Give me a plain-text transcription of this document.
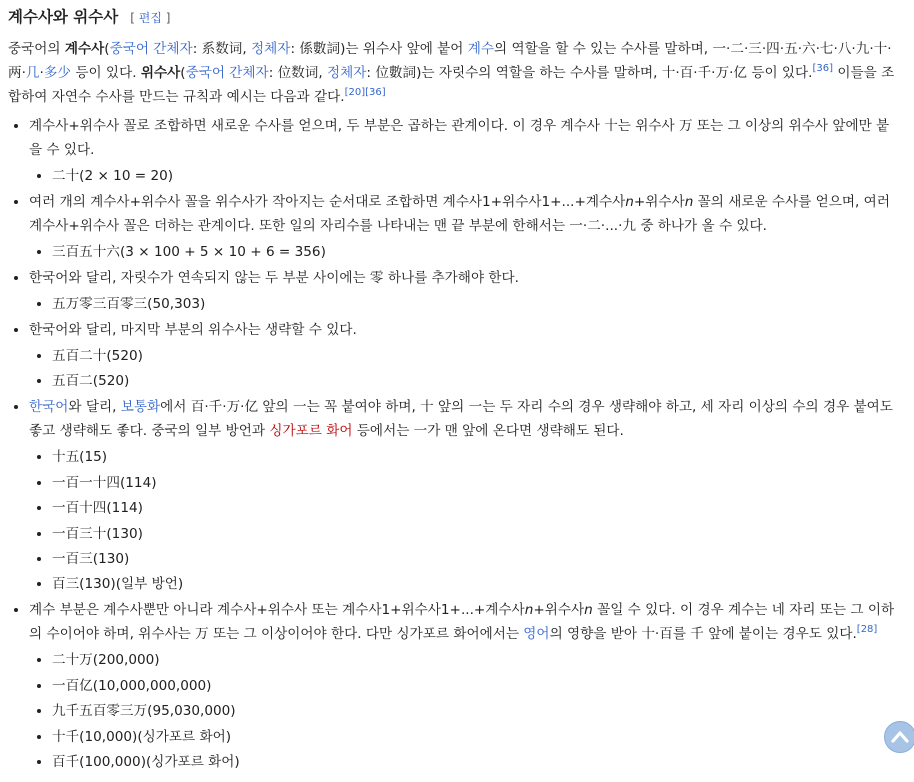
계수사와 위수사 [ 편집 ]

중국어의 계수사(중국어 간체자: 系数词, 정체자: 係數詞)는 위수사 앞에 붙어 계수의 역할을 할 수 있는 수사를 말하며, 一·二·三·四·五·六·七·八·九·十·两·几·多少 등이 있다. 위수사(중국어 간체자: 位数词, 정체자: 位數詞)는 자릿수의 역할을 하는 수사를 말하며, 十·百·千·万·亿 등이 있다.[36] 이들을 조합하여 자연수 수사를 만드는 규칙과 예시는 다음과 같다.[20][36]

• 계수사+위수사 꼴로 조합하면 새로운 수사를 얻으며, 두 부분은 곱하는 관계이다. 이 경우 계수사 十는 위수사 万 또는 그 이상의 위수사 앞에만 붙을 수 있다.
• 二十(2 × 10 = 20)
• 여러 개의 계수사+위수사 꼴을 위수사가 작아지는 순서대로 조합하면 계수사1+위수사1+...+계수사n+위수사n 꼴의 새로운 수사를 얻으며, 여러 계수사+위수사 꼴은 더하는 관계이다. 또한 일의 자리수를 나타내는 맨 끝 부분에 한해서는 一·二·...·九 중 하나가 올 수 있다.
• 三百五十六(3 × 100 + 5 × 10 + 6 = 356)
• 한국어와 달리, 자릿수가 연속되지 않는 두 부분 사이에는 零 하나를 추가해야 한다.
• 五万零三百零三(50,303)
• 한국어와 달리, 마지막 부분의 위수사는 생략할 수 있다.
• 五百二十(520)
• 五百二(520)
• 한국어와 달리, 보통화에서 百·千·万·亿 앞의 一는 꼭 붙여야 하며, 十 앞의 一는 두 자리 수의 경우 생략해야 하고, 세 자리 이상의 수의 경우 붙여도 좋고 생략해도 좋다. 중국의 일부 방언과 싱가포르 화어 등에서는 一가 맨 앞에 온다면 생략해도 된다.
• 十五(15)
• 一百一十四(114)
• 一百十四(114)
• 一百三十(130)
• 一百三(130)
• 百三(130)(일부 방언)
• 계수 부분은 계수사뿐만 아니라 계수사+위수사 또는 계수사1+위수사1+...+계수사n+위수사n 꼴일 수 있다. 이 경우 계수는 네 자리 또는 그 이하의 수이어야 하며, 위수사는 万 또는 그 이상이어야 한다. 다만 싱가포르 화어에서는 영어의 영향을 받아 十·百를 千 앞에 붙이는 경우도 있다.[28]
• 二十万(200,000)
• 一百亿(10,000,000,000)
• 九千五百零三万(95,030,000)
• 十千(10,000)(싱가포르 화어)
• 百千(100,000)(싱가포르 화어)
